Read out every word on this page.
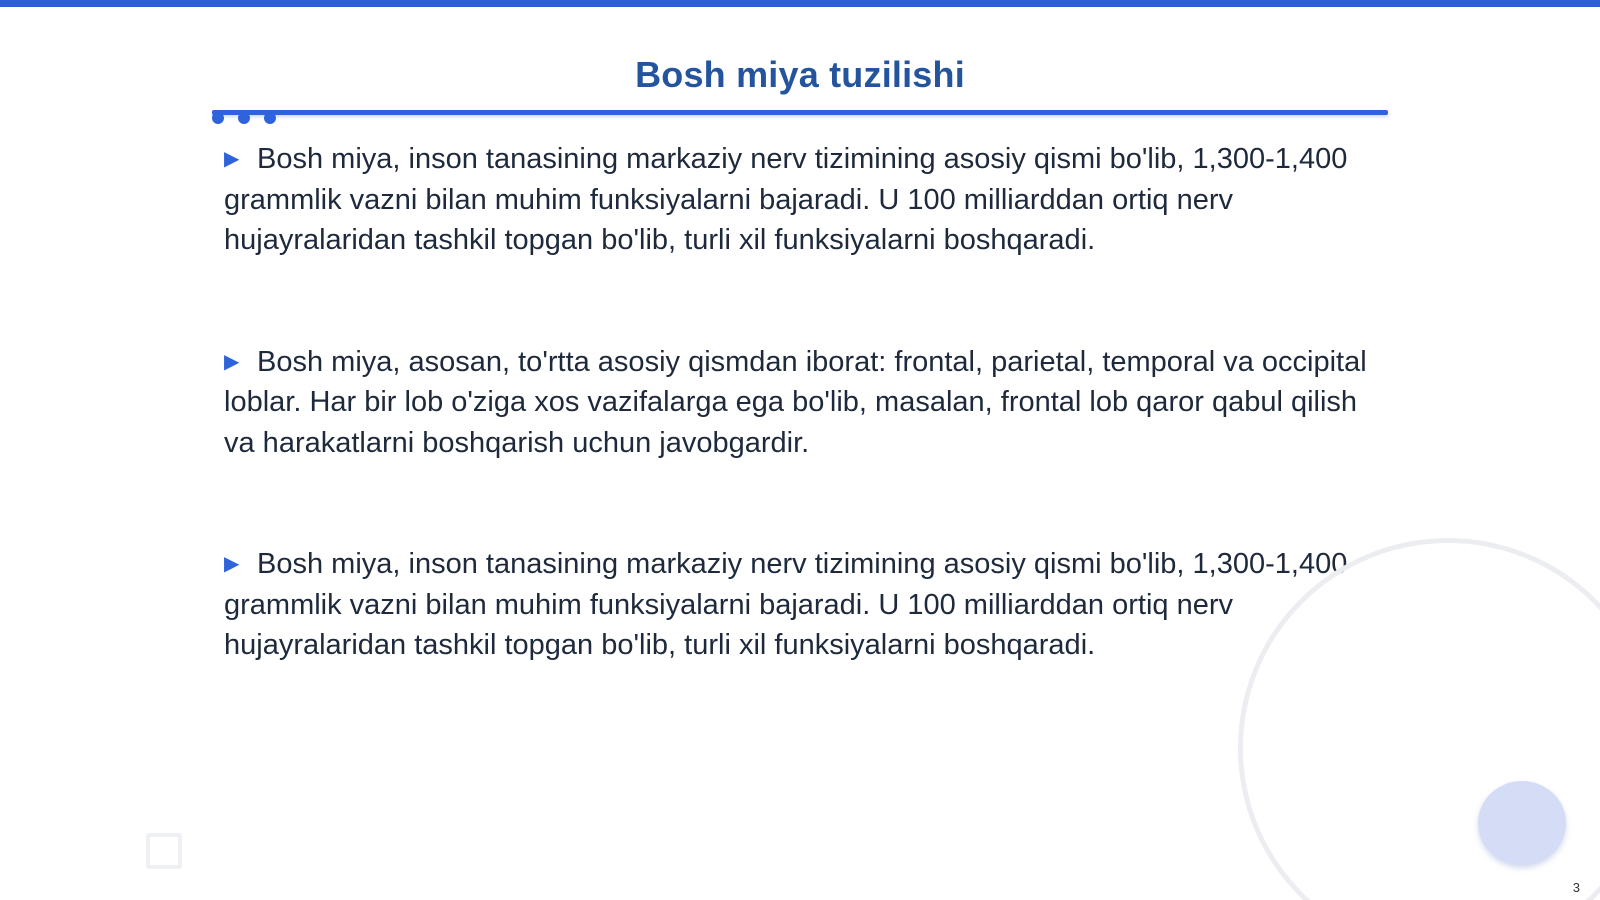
Bosh miya tuzilishi

▶ Bosh miya, inson tanasining markaziy nerv tizimining asosiy qismi bo'lib, 1,300-1,400 grammlik vazni bilan muhim funksiyalarni bajaradi. U 100 milliarddan ortiq nerv hujayralaridan tashkil topgan bo'lib, turli xil funksiyalarni boshqaradi.

▶ Bosh miya, asosan, to'rtta asosiy qismdan iborat: frontal, parietal, temporal va occipital loblar. Har bir lob o'ziga xos vazifalarga ega bo'lib, masalan, frontal lob qaror qabul qilish va harakatlarni boshqarish uchun javobgardir.

▶ Bosh miya, inson tanasining markaziy nerv tizimining asosiy qismi bo'lib, 1,300-1,400 grammlik vazni bilan muhim funksiyalarni bajaradi. U 100 milliarddan ortiq nerv hujayralaridan tashkil topgan bo'lib, turli xil funksiyalarni boshqaradi.

3
